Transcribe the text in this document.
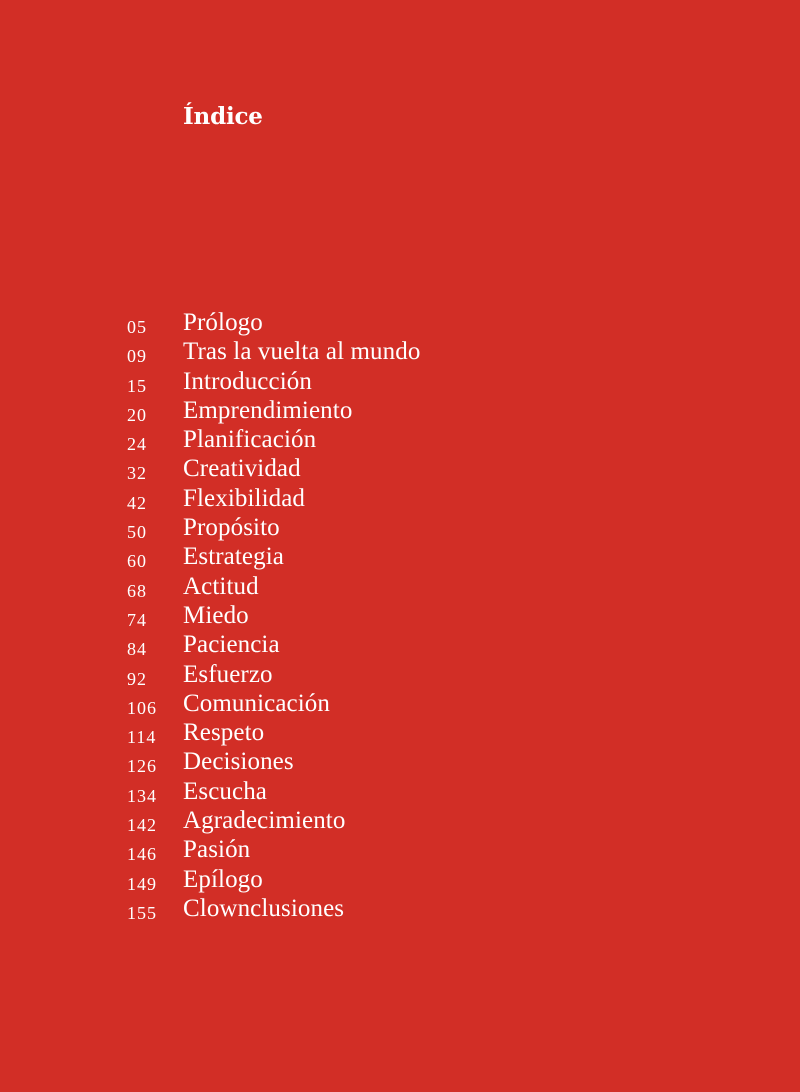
Índice
05 Prólogo
09 Tras la vuelta al mundo
15 Introducción
20 Emprendimiento
24 Planificación
32 Creatividad
42 Flexibilidad
50 Propósito
60 Estrategia
68 Actitud
74 Miedo
84 Paciencia
92 Esfuerzo
106 Comunicación
114 Respeto
126 Decisiones
134 Escucha
142 Agradecimiento
146 Pasión
149 Epílogo
155 Clownclusiones
